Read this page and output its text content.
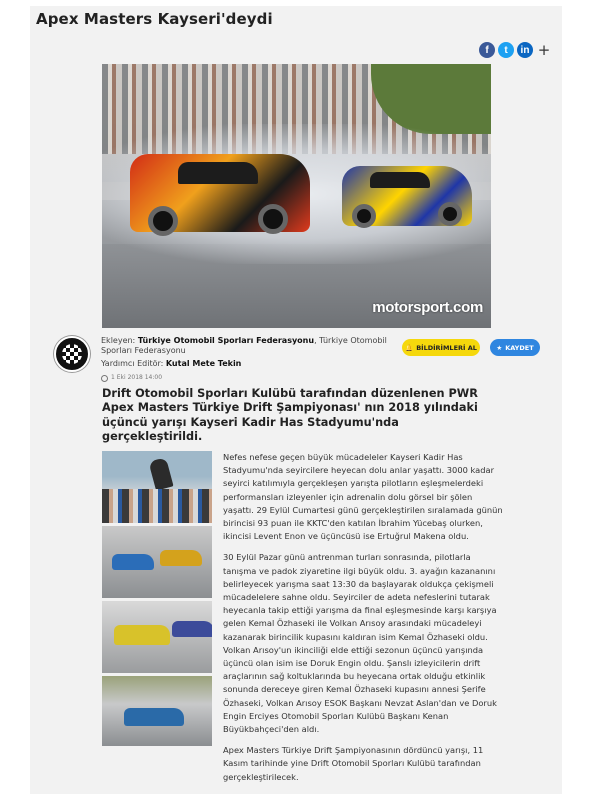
Apex Masters Kayseri'deydi
f	t	in +
motorsport.com
Ekleyen: Türkiye Otomobil Sporları Federasyonu, Türkiye Otomobil Sporları Federasyonu
Yardımcı Editör: Kutal Mete Tekin
1 Eki 2018 14:00
🔔 BİLDİRİMLERİ AL	★ KAYDET
Drift Otomobil Sporları Kulübü tarafından düzenlenen PWR Apex Masters Türkiye Drift Şampiyonası' nın 2018 yılındaki üçüncü yarışı Kayseri Kadir Has Stadyumu'nda gerçekleştirildi.

Nefes nefese geçen büyük mücadeleler Kayseri Kadir Has Stadyumu'nda seyircilere heyecan dolu anlar yaşattı. 3000 kadar seyirci katılımıyla gerçekleşen yarışta pilotların eşleşmelerdeki performansları izleyenler için adrenalin dolu görsel bir şölen yaşattı. 29 Eylül Cumartesi günü gerçekleştirilen sıralamada günün birincisi 93 puan ile KKTC'den katılan İbrahim Yücebaş olurken, ikincisi Levent Enon ve üçüncüsü ise Ertuğrul Makena oldu.

30 Eylül Pazar günü antrenman turları sonrasında, pilotlarla tanışma ve padok ziyaretine ilgi büyük oldu. 3. ayağın kazananını belirleyecek yarışma saat 13:30 da başlayarak oldukça çekişmeli mücadelelere sahne oldu. Seyirciler de adeta nefeslerini tutarak heyecanla takip ettiği yarışma da final eşleşmesinde karşı karşıya gelen Kemal Özhaseki ile Volkan Arısoy arasındaki mücadeleyi kazanarak birincilik kupasını kaldıran isim Kemal Özhaseki oldu. Volkan Arısoy'un ikinciliği elde ettiği sezonun üçüncü yarışında üçüncü olan isim ise Doruk Engin oldu. Şanslı izleyicilerin drift araçlarının sağ koltuklarında bu heyecana ortak olduğu etkinlik sonunda dereceye giren Kemal Özhaseki kupasını annesi Şerife Özhaseki, Volkan Arısoy ESOK Başkanı Nevzat Aslan'dan ve Doruk Engin Erciyes Otomobil Sporları Kulübü Başkanı Kenan Büyükbahçeci'den aldı.

Apex Masters Türkiye Drift Şampiyonasının dördüncü yarışı, 11 Kasım tarihinde yine Drift Otomobil Sporları Kulübü tarafından gerçekleştirilecek.
